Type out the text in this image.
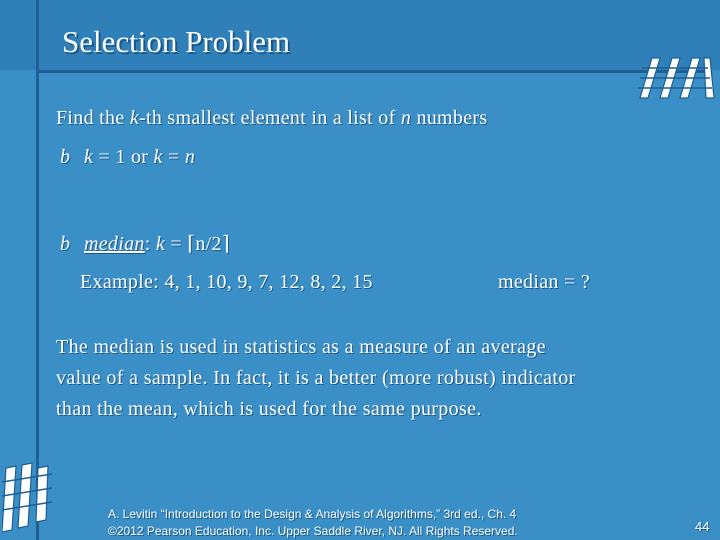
Selection Problem
Find the k-th smallest element in a list of n numbers
b k = 1 or k = n
b median: k = ⌈n/2⌉
Example: 4, 1, 10, 9, 7, 12, 8, 2, 15	median = ?
The median is used in statistics as a measure of an average
value of a sample. In fact, it is a better (more robust) indicator
than the mean, which is used for the same purpose.
A. Levitin “Introduction to the Design & Analysis of Algorithms,” 3rd ed., Ch. 4
©2012 Pearson Education, Inc. Upper Saddle River, NJ. All Rights Reserved.	44
